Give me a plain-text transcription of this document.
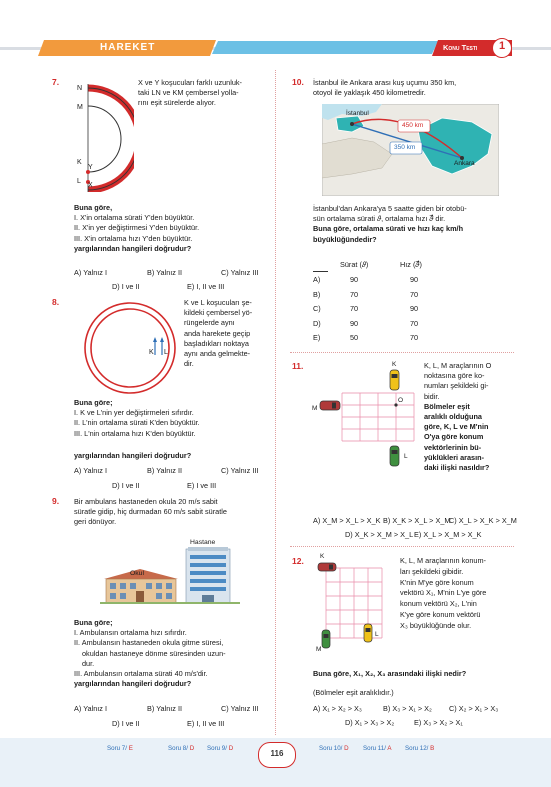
HAREKET	Konu Testi	1
7.
N
M
K
Y
L
X
X ve Y koşucuları farklı uzunluk-
taki LN ve KM çembersel yolla-
rını eşit sürelerde alıyor.
Buna göre,
I. X'in ortalama sürati Y'den büyüktür.
II. X'in yer değiştirmesi Y'den büyüktür.
III. X'in ortalama hızı Y'den büyüktür.
yargılarından hangileri doğrudur?
A) Yalnız I	B) Yalnız II	C) Yalnız III
D) I ve II	E) I, II ve III
8.
K L
K ve L koşucuları şe-
kildeki çembersel yö-
rüngelerde aynı
anda harekete geçip
başladıkları noktaya
aynı anda gelmekte-
dir.
Buna göre;
I. K ve L'nin yer değiştirmeleri sıfırdır.
II. L'nin ortalama sürati K'den büyüktür.
III. L'nin ortalama hızı K'den büyüktür.
yargılarından hangileri doğrudur?
A) Yalnız I	B) Yalnız II	C) Yalnız III
D) I ve II	E) I ve III
9. Bir ambulans hastaneden okula 20 m/s sabit
süratle gidip, hiç durmadan 60 m/s sabit süratle
geri dönüyor.
Okul
Hastane
Buna göre;
I. Ambulansın ortalama hızı sıfırdır.
II. Ambulansın hastaneden okula gitme süresi,
okuldan hastaneye dönme süresinden uzun-
dur.
III. Ambulansın ortalama sürati 40 m/s'dir.
yargılarından hangileri doğrudur?
A) Yalnız I	B) Yalnız II	C) Yalnız III
D) I ve II	E) I, II ve III
10. İstanbul ile Ankara arası kuş uçumu 350 km,
otoyol ile yaklaşık 450 kilometredir.
İstanbul
Ankara
450 km
350 km
İstanbul'dan Ankara'ya 5 saatte giden bir otobü-
sün ortalama sürati 𝜗, ortalama hızı 𝜗⃗ dir.
Buna göre, ortalama sürati ve hızı kaç km/h
büyüklüğündedir?
	Sürat (𝜗)	Hız (𝜗⃗)
A)	90	90
B)	70	70
C)	70	90
D)	90	70
E)	50	70
11.	K
O
M
L
K, L, M araçlarının O
noktasına göre ko-
numları şekildeki gi-
bidir.
Bölmeler eşit
aralıklı olduğuna
göre, K, L ve M'nin
O'ya göre konum
vektörlerinin bü-
yüklükleri arasın-
daki ilişki nasıldır?
A) X_M > X_L > X_K B) X_K > X_L > X_M
C) X_L > X_K > X_M
D) X_K > X_M > X_L E) X_L > X_M > X_K
12. K
M
L
K, L, M araçlarının konum-
ları şekildeki gibidir.
K'nin M'ye göre konum
vektörü X₁, M'nin L'ye göre
konum vektörü X₂, L'nin
K'ye göre konum vektörü
X₃ büyüklüğünde olur.
Buna göre, X₁, X₂, X₃ arasındaki ilişki nedir?
(Bölmeler eşit aralıklıdır.)
A) X₁ > X₂ > X₃	B) X₃ > X₁ > X₂ C) X₂ > X₁ > X₃
D) X₁ > X₃ > X₂	E) X₃ > X₂ > X₁
116
Soru 7/ E	Soru 8/ D Soru 9/ D	Soru 10/ D Soru 11/ A Soru 12/ B
